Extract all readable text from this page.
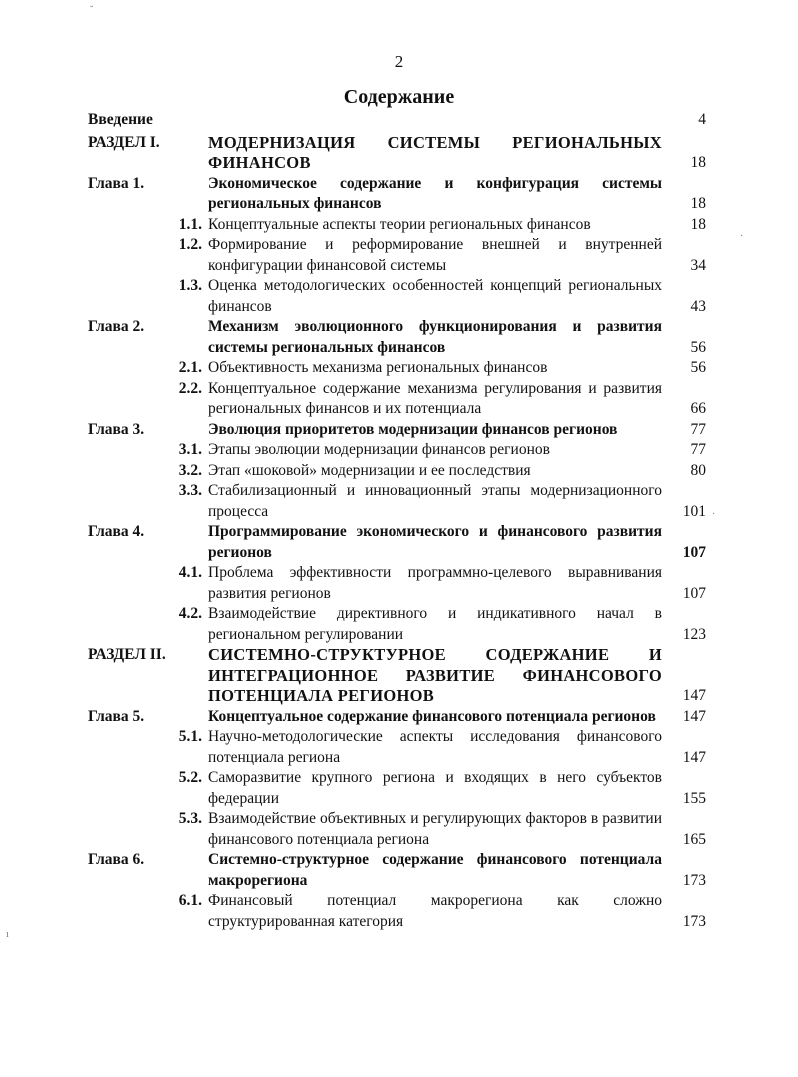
2
Содержание
Введение	4
РАЗДЕЛ I.	МОДЕРНИЗАЦИЯ СИСТЕМЫ РЕГИОНАЛЬНЫХ ФИНАНСОВ	18
Глава 1.	Экономическое содержание и конфигурация системы региональных финансов	18
1.1. Концептуальные аспекты теории региональных финансов	18
1.2. Формирование и реформирование внешней и внутренней конфигурации финансовой системы	34
1.3. Оценка методологических особенностей концепций региональных финансов	43
Глава 2.	Механизм эволюционного функционирования и развития системы региональных финансов	56
2.1. Объективность механизма региональных финансов	56
2.2. Концептуальное содержание механизма регулирования и развития региональных финансов и их потенциала	66
Глава 3.	Эволюция приоритетов модернизации финансов регионов	77
3.1. Этапы эволюции модернизации финансов регионов	77
3.2. Этап «шоковой» модернизации и ее последствия	80
3.3. Стабилизационный и инновационный этапы модернизационного процесса	101
Глава 4.	Программирование экономического и финансового развития регионов	107
4.1. Проблема эффективности программно-целевого выравнивания развития регионов	107
4.2. Взаимодействие директивного и индикативного начал в региональном регулировании	123
РАЗДЕЛ II.	СИСТЕМНО-СТРУКТУРНОЕ СОДЕРЖАНИЕ И ИНТЕГРАЦИОННОЕ РАЗВИТИЕ ФИНАНСОВОГО ПОТЕНЦИАЛА РЕГИОНОВ	147
Глава 5.	Концептуальное содержание финансового потенциала регионов	147
5.1. Научно-методологические аспекты исследования финансового потенциала региона	147
5.2. Саморазвитие крупного региона и входящих в него субъектов федерации	155
5.3. Взаимодействие объективных и регулирующих факторов в развитии финансового потенциала региона	165
Глава 6.	Системно-структурное содержание финансового потенциала макрорегиона	173
6.1. Финансовый потенциал макрорегиона как сложно структурированная категория	173
˘
·
·
ı
